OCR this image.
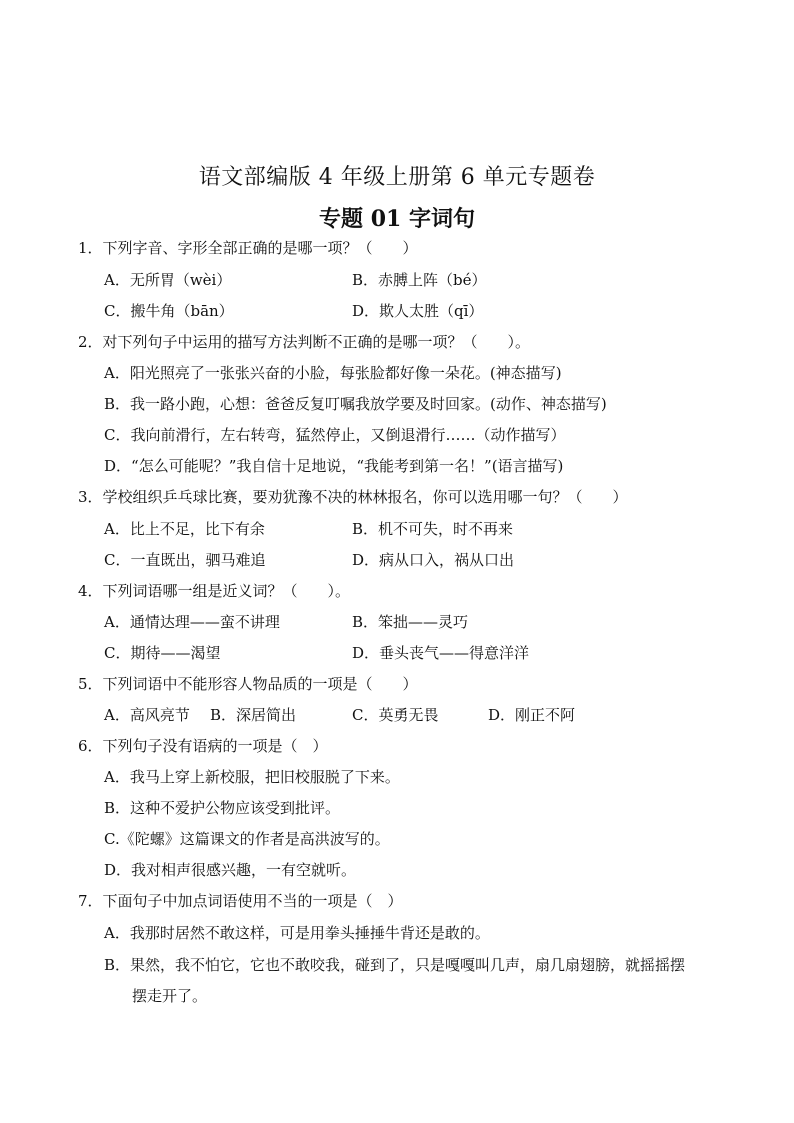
语文部编版 4 年级上册第 6 单元专题卷
专题 01 字词句
1．下列字音、字形全部正确的是哪一项？（　　）
A．无所胃（wèi）	B．赤膊上阵（bé）
C．搬牛角（bān）	D．欺人太胜（qī）
2．对下列句子中运用的描写方法判断不正确的是哪一项？（　　）。
A．阳光照亮了一张张兴奋的小脸，每张脸都好像一朵花。(神态描写)
B．我一路小跑，心想：爸爸反复叮嘱我放学要及时回家。(动作、神态描写)
C．我向前滑行，左右转弯，猛然停止，又倒退滑行……（动作描写）
D．“怎么可能呢？”我自信十足地说，“我能考到第一名！”(语言描写)
3．学校组织乒乓球比赛，要劝犹豫不决的林林报名，你可以选用哪一句？（　　）
A．比上不足，比下有余	B．机不可失，时不再来
C．一直既出，驷马难追	D．病从口入，祸从口出
4．下列词语哪一组是近义词？（　　）。
A．通情达理——蛮不讲理	B．笨拙——灵巧
C．期待——渴望	D．垂头丧气——得意洋洋
5．下列词语中不能形容人物品质的一项是（　　）
A．高风亮节 B．深居简出	C．英勇无畏	D．刚正不阿
6．下列句子没有语病的一项是（　）
A．我马上穿上新校服，把旧校服脱了下来。
B．这种不爱护公物应该受到批评。
C.《陀螺》这篇课文的作者是高洪波写的。
D．我对相声很感兴趣，一有空就听。
7．下面句子中加点词语使用不当的一项是（　）
A．我那时居然不敢这样，可是用拳头捶捶牛背还是敢的。
B．果然，我不怕它，它也不敢咬我，碰到了，只是嘎嘎叫几声，扇几扇翅膀，就摇摇摆
摆走开了。
